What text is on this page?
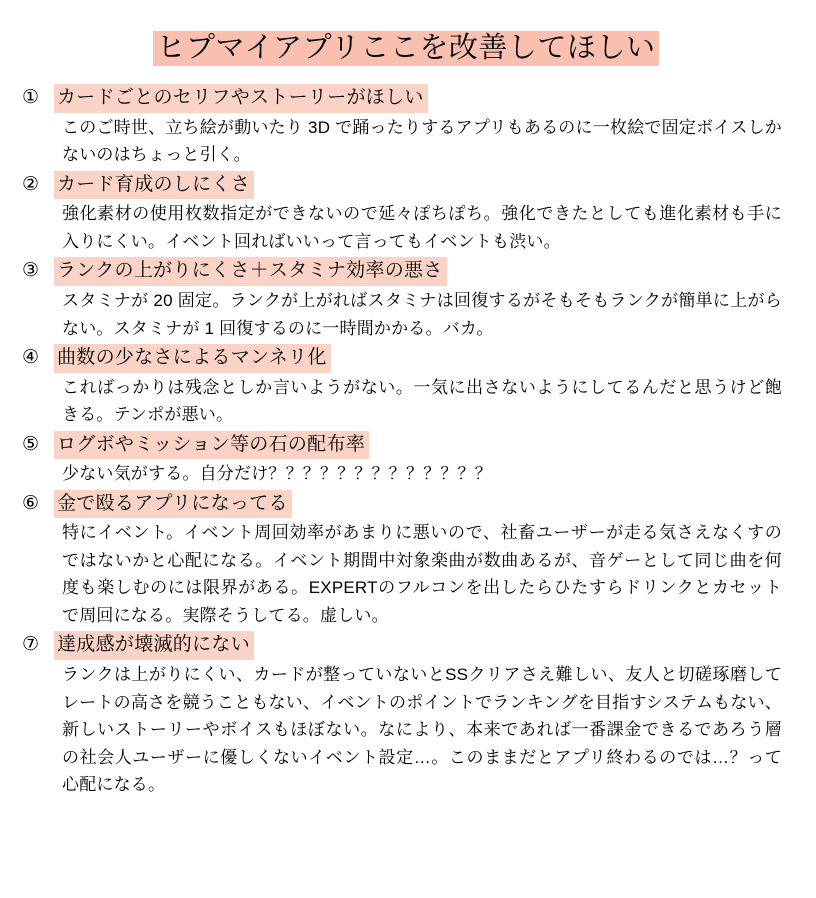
ヒプマイアプリここを改善してほしい
① カードごとのセリフやストーリーがほしい
このご時世、立ち絵が動いたり 3D で踊ったりするアプリもあるのに一枚絵で固定ボイスしかないのはちょっと引く。
② カード育成のしにくさ
強化素材の使用枚数指定ができないので延々ぽちぽち。強化できたとしても進化素材も手に入りにくい。イベント回ればいいって言ってもイベントも渋い。
③ ランクの上がりにくさ＋スタミナ効率の悪さ
スタミナが 20 固定。ランクが上がればスタミナは回復するがそもそもランクが簡単に上がらない。スタミナが 1 回復するのに一時間かかる。バカ。
④ 曲数の少なさによるマンネリ化
こればっかりは残念としか言いようがない。一気に出さないようにしてるんだと思うけど飽きる。テンポが悪い。
⑤ ログボやミッション等の石の配布率
少ない気がする。自分だけ？？？？？？？？？？？？？
⑥ 金で殴るアプリになってる
特にイベント。イベント周回効率があまりに悪いので、社畜ユーザーが走る気さえなくすのではないかと心配になる。イベント期間中対象楽曲が数曲あるが、音ゲーとして同じ曲を何度も楽しむのには限界がある。EXPERTのフルコンを出したらひたすらドリンクとカセットで周回になる。実際そうしてる。虚しい。
⑦ 達成感が壊滅的にない
ランクは上がりにくい、カードが整っていないとSSクリアさえ難しい、友人と切磋琢磨してレートの高さを競うこともない、イベントのポイントでランキングを目指すシステムもない、新しいストーリーやボイスもほぼない。なにより、本来であれば一番課金できるであろう層の社会人ユーザーに優しくないイベント設定…。このままだとアプリ終わるのでは…？って心配になる。
